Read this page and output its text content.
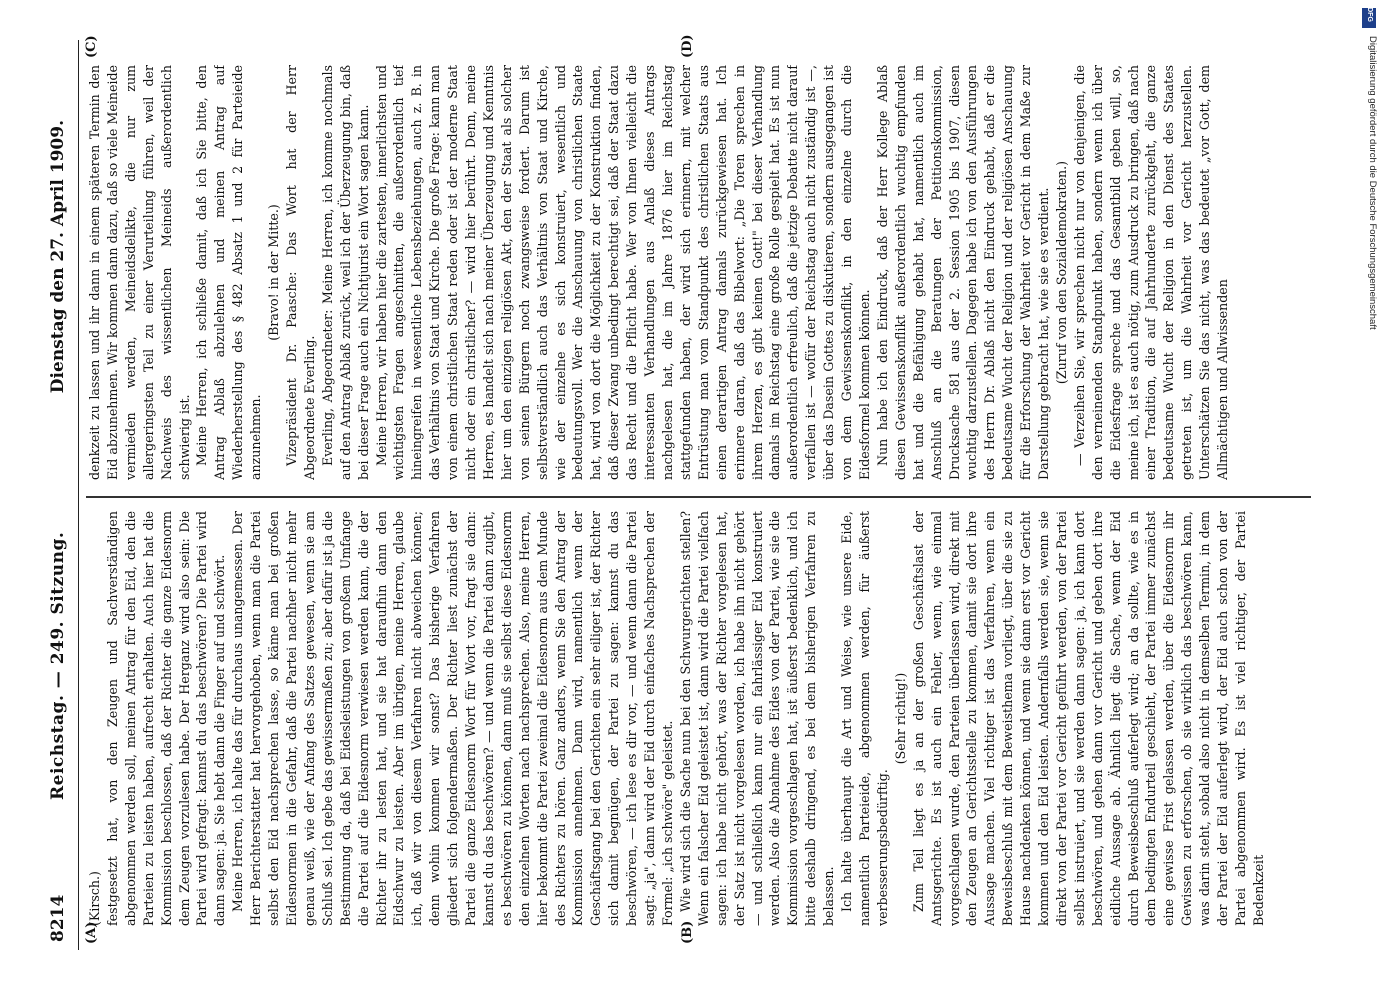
8214
Reichstag. — 249. Sitzung.
Dienstag den 27. April 1909.
(A)	(B)
(C)	(D)

(Kirsch.) festgesetzt hat, von den Zeugen und Sachverständigen abgenommen werden soll, meinen Antrag für den Eid, den die Parteien zu leisten haben, aufrecht erhalten. Auch hier hat die Kommission beschlossen, daß der Richter die ganze Eidesnorm dem Zeugen vorzulesen habe. Der Herganz wird also sein: Die Partei wird gefragt: kannst du das beschwören? Die Partei wird dann sagen: ja. Sie hebt dann die Finger auf und schwört. Meine Herren, ich halte das für durchaus unangemessen. Der Herr Berichterstatter hat hervorgehoben, wenn man die Partei selbst den Eid nachsprechen lasse, so käme man bei großen Eidesnormen in die Gefahr, daß die Partei nachher nicht mehr genau weiß, wie der Anfang des Satzes gewesen, wenn sie am Schluß sei. Ich gebe das gewissermaßen zu; aber dafür ist ja die Bestimmung da, daß bei Eidesleistungen von großem Umfange die Partei auf die Eidesnorm verwiesen werden kann, die der Richter ihr zu lesten hat, und sie hat daraufhin dann den Eidschwur zu leisten. Aber im übrigen, meine Herren, glaube ich, daß wir von diesem Verfahren nicht abweichen können; denn wohin kommen wir sonst? Das bisherige Verfahren gliedert sich folgendermaßen. Der Richter liest zunächst der Partei die ganze Eidesnorm Wort für Wort vor, fragt sie dann: kannst du das beschwören? — und wenn die Partei dann zugibt, es beschwören zu können, dann muß sie selbst diese Eidesnorm den einzelnen Worten nach nachsprechen. Also, meine Herren, hier bekommt die Partei zweimal die Eidesnorm aus dem Munde des Richters zu hören. Ganz anders, wenn Sie den Antrag der Kommission annehmen. Dann wird, namentlich wenn der Geschäftsgang bei den Gerichten ein sehr eiliger ist, der Richter sich damit begnügen, der Partei zu sagen: kannst du das beschwören, — ich lese es dir vor, — und wenn dann die Partei sagt: „ja", dann wird der Eid durch einfaches Nachsprechen der Formel: „ich schwöre" geleistet. Wie wird sich die Sache nun bei den Schwurgerichten stellen? Wenn ein falscher Eid geleistet ist, dann wird die Partei vielfach sagen: ich habe nicht gehört, was der Richter vorgelesen hat, der Satz ist nicht vorgelesen worden, ich habe ihn nicht gehört — und schließlich kann nur ein fahrlässiger Eid konstruiert werden. Also die Abnahme des Eides von der Partei, wie sie die Kommission vorgeschlagen hat, ist äußerst bedenklich, und ich bitte deshalb dringend, es bei dem bisherigen Verfahren zu belassen. Ich halte überhaupt die Art und Weise, wie unsere Eide, namentlich Parteieide, abgenommen werden, für äußerst verbesserungsbedürftig.

(Sehr richtig!) Zum Teil liegt es ja an der großen Geschäftslast der Amtsgerichte. Es ist auch ein Fehler, wenn, wie einmal vorgeschlagen wurde, den Parteien überlassen wird, direkt mit den Zeugen an Gerichtsstelle zu kommen, damit sie dort ihre Aussage machen. Viel richtiger ist das Verfahren, wenn ein Beweisbeschluß mit dem Beweisthema vorliegt, über die sie zu Hause nachdenken können, und wenn sie dann erst vor Gericht kommen und den Eid leisten. Andernfalls werden sie, wenn sie direkt von der Partei vor Gericht geführt werden, von der Partei selbst instruiert, und sie werden dann sagen: ja, ich kann dort beschwören, und gehen dann vor Gericht und geben dort ihre eidliche Aussage ab. Ähnlich liegt die Sache, wenn der Eid durch Beweisbeschluß auferlegt wird; an da sollte, wie es in dem bedingten Endurteil geschieht, der Partei immer zunächst eine gewisse Frist gelassen werden, über die Eidesnorm ihr Gewissen zu erforschen, ob sie wirklich das beschwören kann, was darin steht, sobald also nicht in demselben Termin, in dem der Partei der Eid auferlegt wird, der Eid auch schon von der Partei abgenommen wird. Es ist viel richtiger, der Partei Bedenkzeit

denkzeit zu lassen und ihr dann in einem späteren Termin den Eid abzunehmen. Wir kommen dann dazu, daß so viele Meineide vermieden werden, Meineidsdelikte, die nur zum allergeringsten Teil zu einer Verurteilung führen, weil der Nachweis des wissentlichen Meineids außerordentlich schwierig ist. Meine Herren, ich schließe damit, daß ich Sie bitte, den Antrag Ablaß abzulehnen und meinen Antrag auf Wiederherstellung des § 482 Absatz 1 und 2 für Parteieide anzunehmen.

(Bravo! in der Mitte.) Vizepräsident Dr. Paasche: Das Wort hat der Herr Abgeordnete Everling. Everling, Abgeordneter: Meine Herren, ich komme nochmals auf den Antrag Ablaß zurück, weil ich der Überzeugung bin, daß bei dieser Frage auch ein Nichtjurist ein Wort sagen kann. Meine Herren, wir haben hier die zartesten, innerlichsten und wichtigsten Fragen angeschnitten, die außerordentlich tief hineingreifen in wesentliche Lebensbeziehungen, auch z. B. in das Verhältnis von Staat und Kirche. Die große Frage: kann man von einem christlichen Staat reden oder ist der moderne Staat nicht oder ein christlicher? — wird hier berührt. Denn, meine Herren, es handelt sich nach meiner Überzeugung und Kenntnis hier um den einzigen religiösen Akt, den der Staat als solcher von seinen Bürgern noch zwangsweise fordert. Darum ist selbstverständlich auch das Verhältnis von Staat und Kirche, wie der einzelne es sich konstruiert, wesentlich und bedeutungsvoll. Wer die Anschauung von christlichen Staate hat, wird von dort die Möglichkeit zu der Konstruktion finden, daß dieser Zwang unbedingt berechtigt sei, daß der Staat dazu das Recht und die Pflicht habe. Wer von Ihnen vielleicht die interessanten Verhandlungen aus Anlaß dieses Antrags nachgelesen hat, die im Jahre 1876 hier im Reichstag stattgefunden haben, der wird sich erinnern, mit welcher Entrüstung man vom Standpunkt des christlichen Staats aus einen derartigen Antrag damals zurückgewiesen hat. Ich erinnere daran, daß das Bibelwort: „Die Toren sprechen in ihrem Herzen, es gibt keinen Gott!" bei dieser Verhandlung damals im Reichstag eine große Rolle gespielt hat. Es ist nun außerordentlich erfreulich, daß die jetzige Debatte nicht darauf verfallen ist — wofür der Reichstag auch nicht zuständig ist —, über das Dasein Gottes zu diskutieren, sondern ausgegangen ist von dem Gewissenskonflikt, in den einzelne durch die Eidesformel kommen können. Nun habe ich den Eindruck, daß der Herr Kollege Ablaß diesen Gewissenskonflikt außerordentlich wuchtig empfunden hat und die Befähigung gehabt hat, namentlich auch im Anschluß an die Beratungen der Petitionskommission, Drucksache 581 aus der 2. Session 1905 bis 1907, diesen wuchtig darzustellen. Dagegen habe ich von den Ausführungen des Herrn Dr. Ablaß nicht den Eindruck gehabt, daß er die bedeutsame Wucht der Religion und der religiösen Anschauung für die Erforschung der Wahrheit vor Gericht in dem Maße zur Darstellung gebracht hat, wie sie es verdient. (Zuruf von den Sozialdemokraten.) — Verzeihen Sie, wir sprechen nicht nur von denjenigen, die den verneinenden Standpunkt haben, sondern wenn ich über die Eidesfrage spreche und das Gesamtbild geben will, so, meine ich, ist es auch nötig, zum Ausdruck zu bringen, daß nach einer Tradition, die auf Jahrhunderte zurückgeht, die ganze bedeutsame Wucht der Religion in den Dienst des Staates getreten ist, um die Wahrheit vor Gericht herzustellen. Unterschätzen Sie das nicht, was das bedeutet „vor Gott, dem Allmächtigen und Allwissenden

DFG
Digitalisierung gefördert durch die Deutsche Forschungsgemeinschaft
